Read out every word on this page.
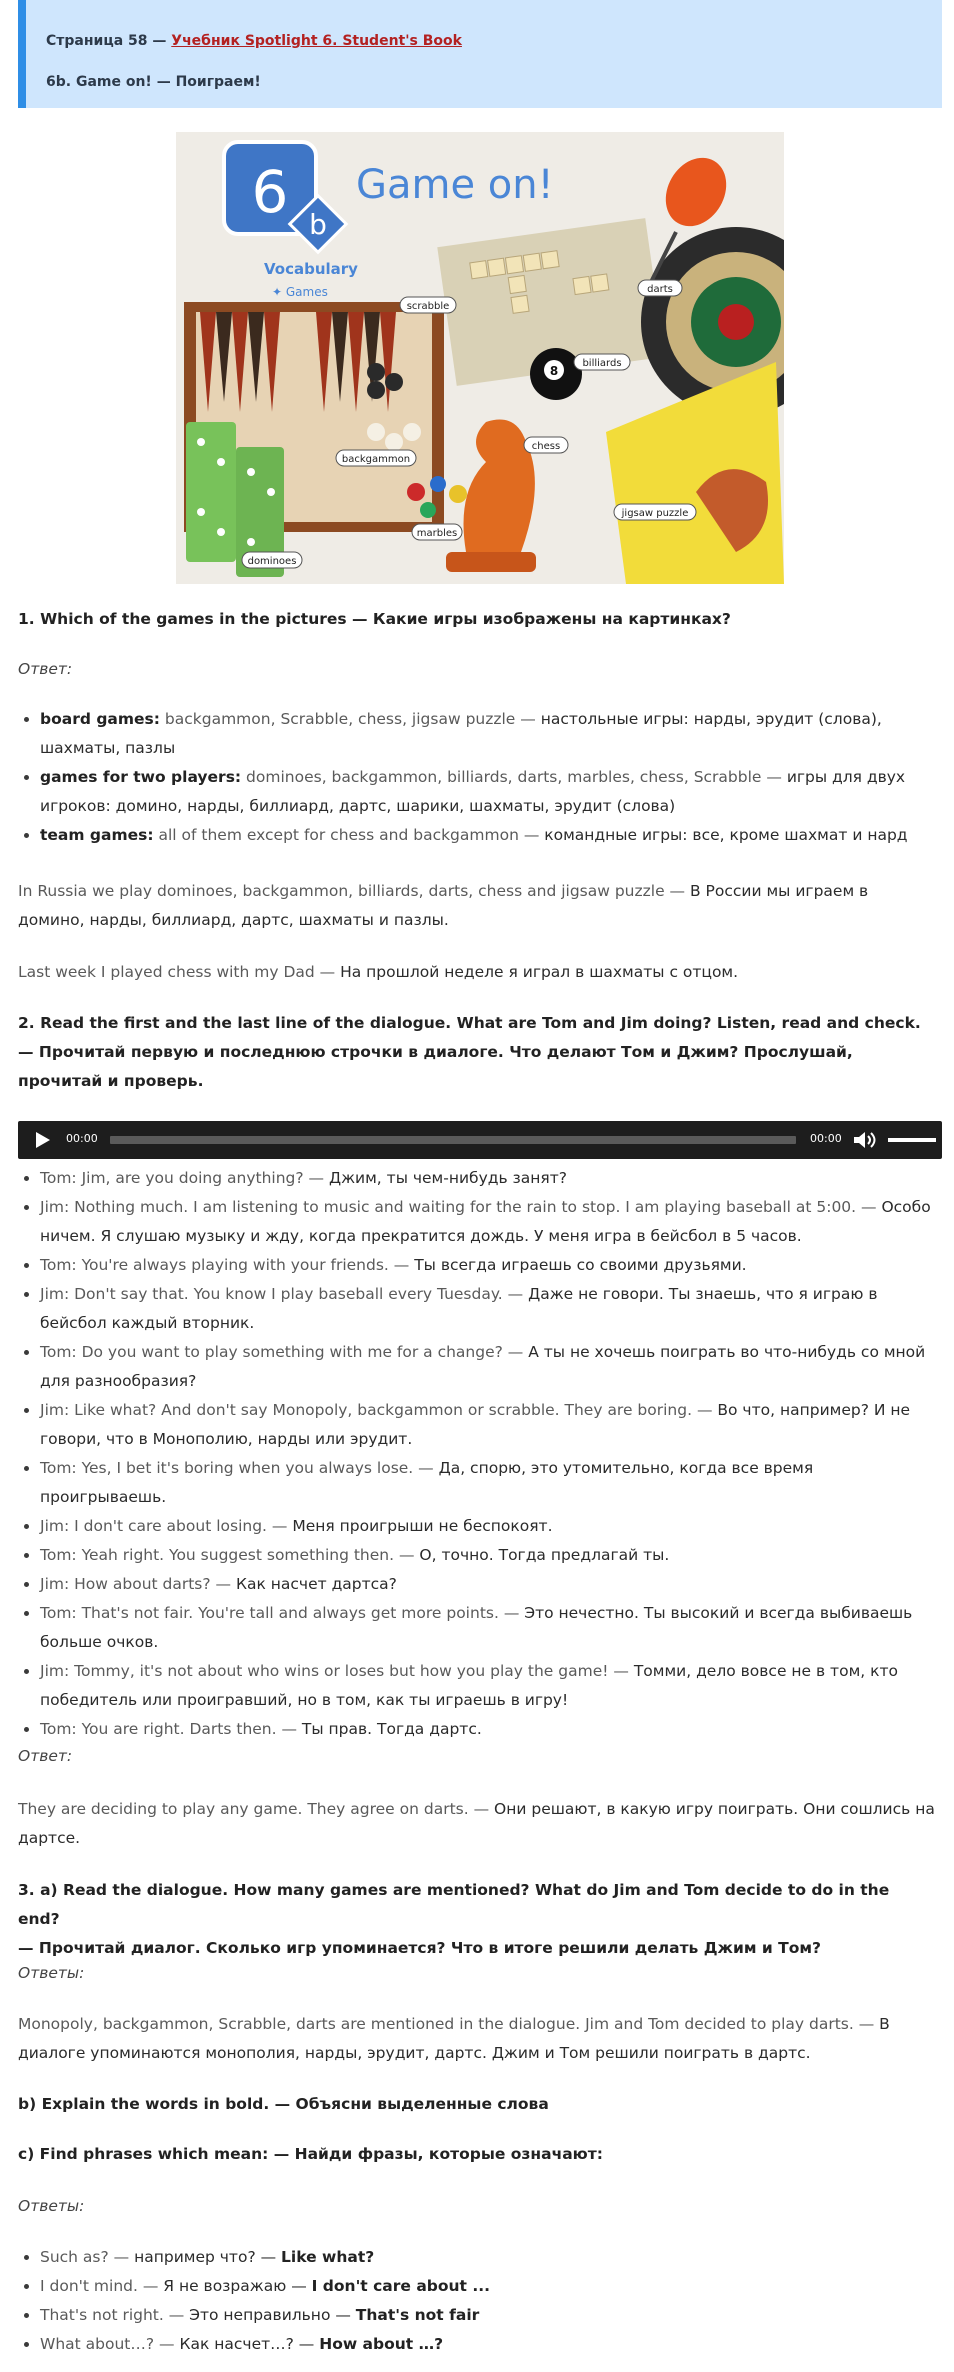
Страница 58 — Учебник Spotlight 6. Student's Book
6b. Game on! — Поиграем!
6 b
Game on!
Vocabulary
✦ Games
8
scrabble
darts
billiards
backgammon
chess
marbles
dominoes
jigsaw puzzle
1. Which of the games in the pictures — Какие игры изображены на картинках?
Ответ:
• board games: backgammon, Scrabble, chess, jigsaw puzzle — настольные игры: нарды, эрудит (слова), шахматы, пазлы
• games for two players: dominoes, backgammon, billiards, darts, marbles, chess, Scrabble — игры для двух игроков: домино, нарды, биллиард, дартс, шарики, шахматы, эрудит (слова)
• team games: all of them except for chess and backgammon — командные игры: все, кроме шахмат и нард
In Russia we play dominoes, backgammon, billiards, darts, chess and jigsaw puzzle — В России мы играем в домино, нарды, биллиард, дартс, шахматы и пазлы.
Last week I played chess with my Dad — На прошлой неделе я играл в шахматы с отцом.
2. Read the first and the last line of the dialogue. What are Tom and Jim doing? Listen, read and check.
— Прочитай первую и последнюю строчки в диалоге. Что делают Том и Джим? Прослушай, прочитай и проверь.
00:00	00:00
• Tom: Jim, are you doing anything? — Джим, ты чем-нибудь занят?
• Jim: Nothing much. I am listening to music and waiting for the rain to stop. I am playing baseball at 5:00. — Особо ничем. Я слушаю музыку и жду, когда прекратится дождь. У меня игра в бейсбол в 5 часов.
• Tom: You're always playing with your friends. — Ты всегда играешь со своими друзьями.
• Jim: Don't say that. You know I play baseball every Tuesday. — Даже не говори. Ты знаешь, что я играю в бейсбол каждый вторник.
• Tom: Do you want to play something with me for a change? — А ты не хочешь поиграть во что-нибудь со мной для разнообразия?
• Jim: Like what? And don't say Monopoly, backgammon or scrabble. They are boring. — Во что, например? И не говори, что в Монополию, нарды или эрудит.
• Tom: Yes, I bet it's boring when you always lose. — Да, спорю, это утомительно, когда все время проигрываешь.
• Jim: I don't care about losing. — Меня проигрыши не беспокоят.
• Tom: Yeah right. You suggest something then. — О, точно. Тогда предлагай ты.
• Jim: How about darts? — Как насчет дартса?
• Tom: That's not fair. You're tall and always get more points. — Это нечестно. Ты высокий и всегда выбиваешь больше очков.
• Jim: Tommy, it's not about who wins or loses but how you play the game! — Томми, дело вовсе не в том, кто победитель или проигравший, но в том, как ты играешь в игру!
• Tom: You are right. Darts then. — Ты прав. Тогда дартс.
Ответ:
They are deciding to play any game. They agree on darts. — Они решают, в какую игру поиграть. Они сошлись на дартсе.
3. a) Read the dialogue. How many games are mentioned? What do Jim and Tom decide to do in the end?
— Прочитай диалог. Сколько игр упоминается? Что в итоге решили делать Джим и Том?
Ответы:
Monopoly, backgammon, Scrabble, darts are mentioned in the dialogue. Jim and Tom decided to play darts. — В диалоге упоминаются монополия, нарды, эрудит, дартс. Джим и Том решили поиграть в дартс.
b) Explain the words in bold. — Объясни выделенные слова
c) Find phrases which mean: — Найди фразы, которые означают:
Ответы:
• Such as? — например что? — Like what?
• I don't mind. — Я не возражаю — I don't care about ...
• That's not right. — Это неправильно — That's not fair
• What about…? — Как насчет…? — How about …?
